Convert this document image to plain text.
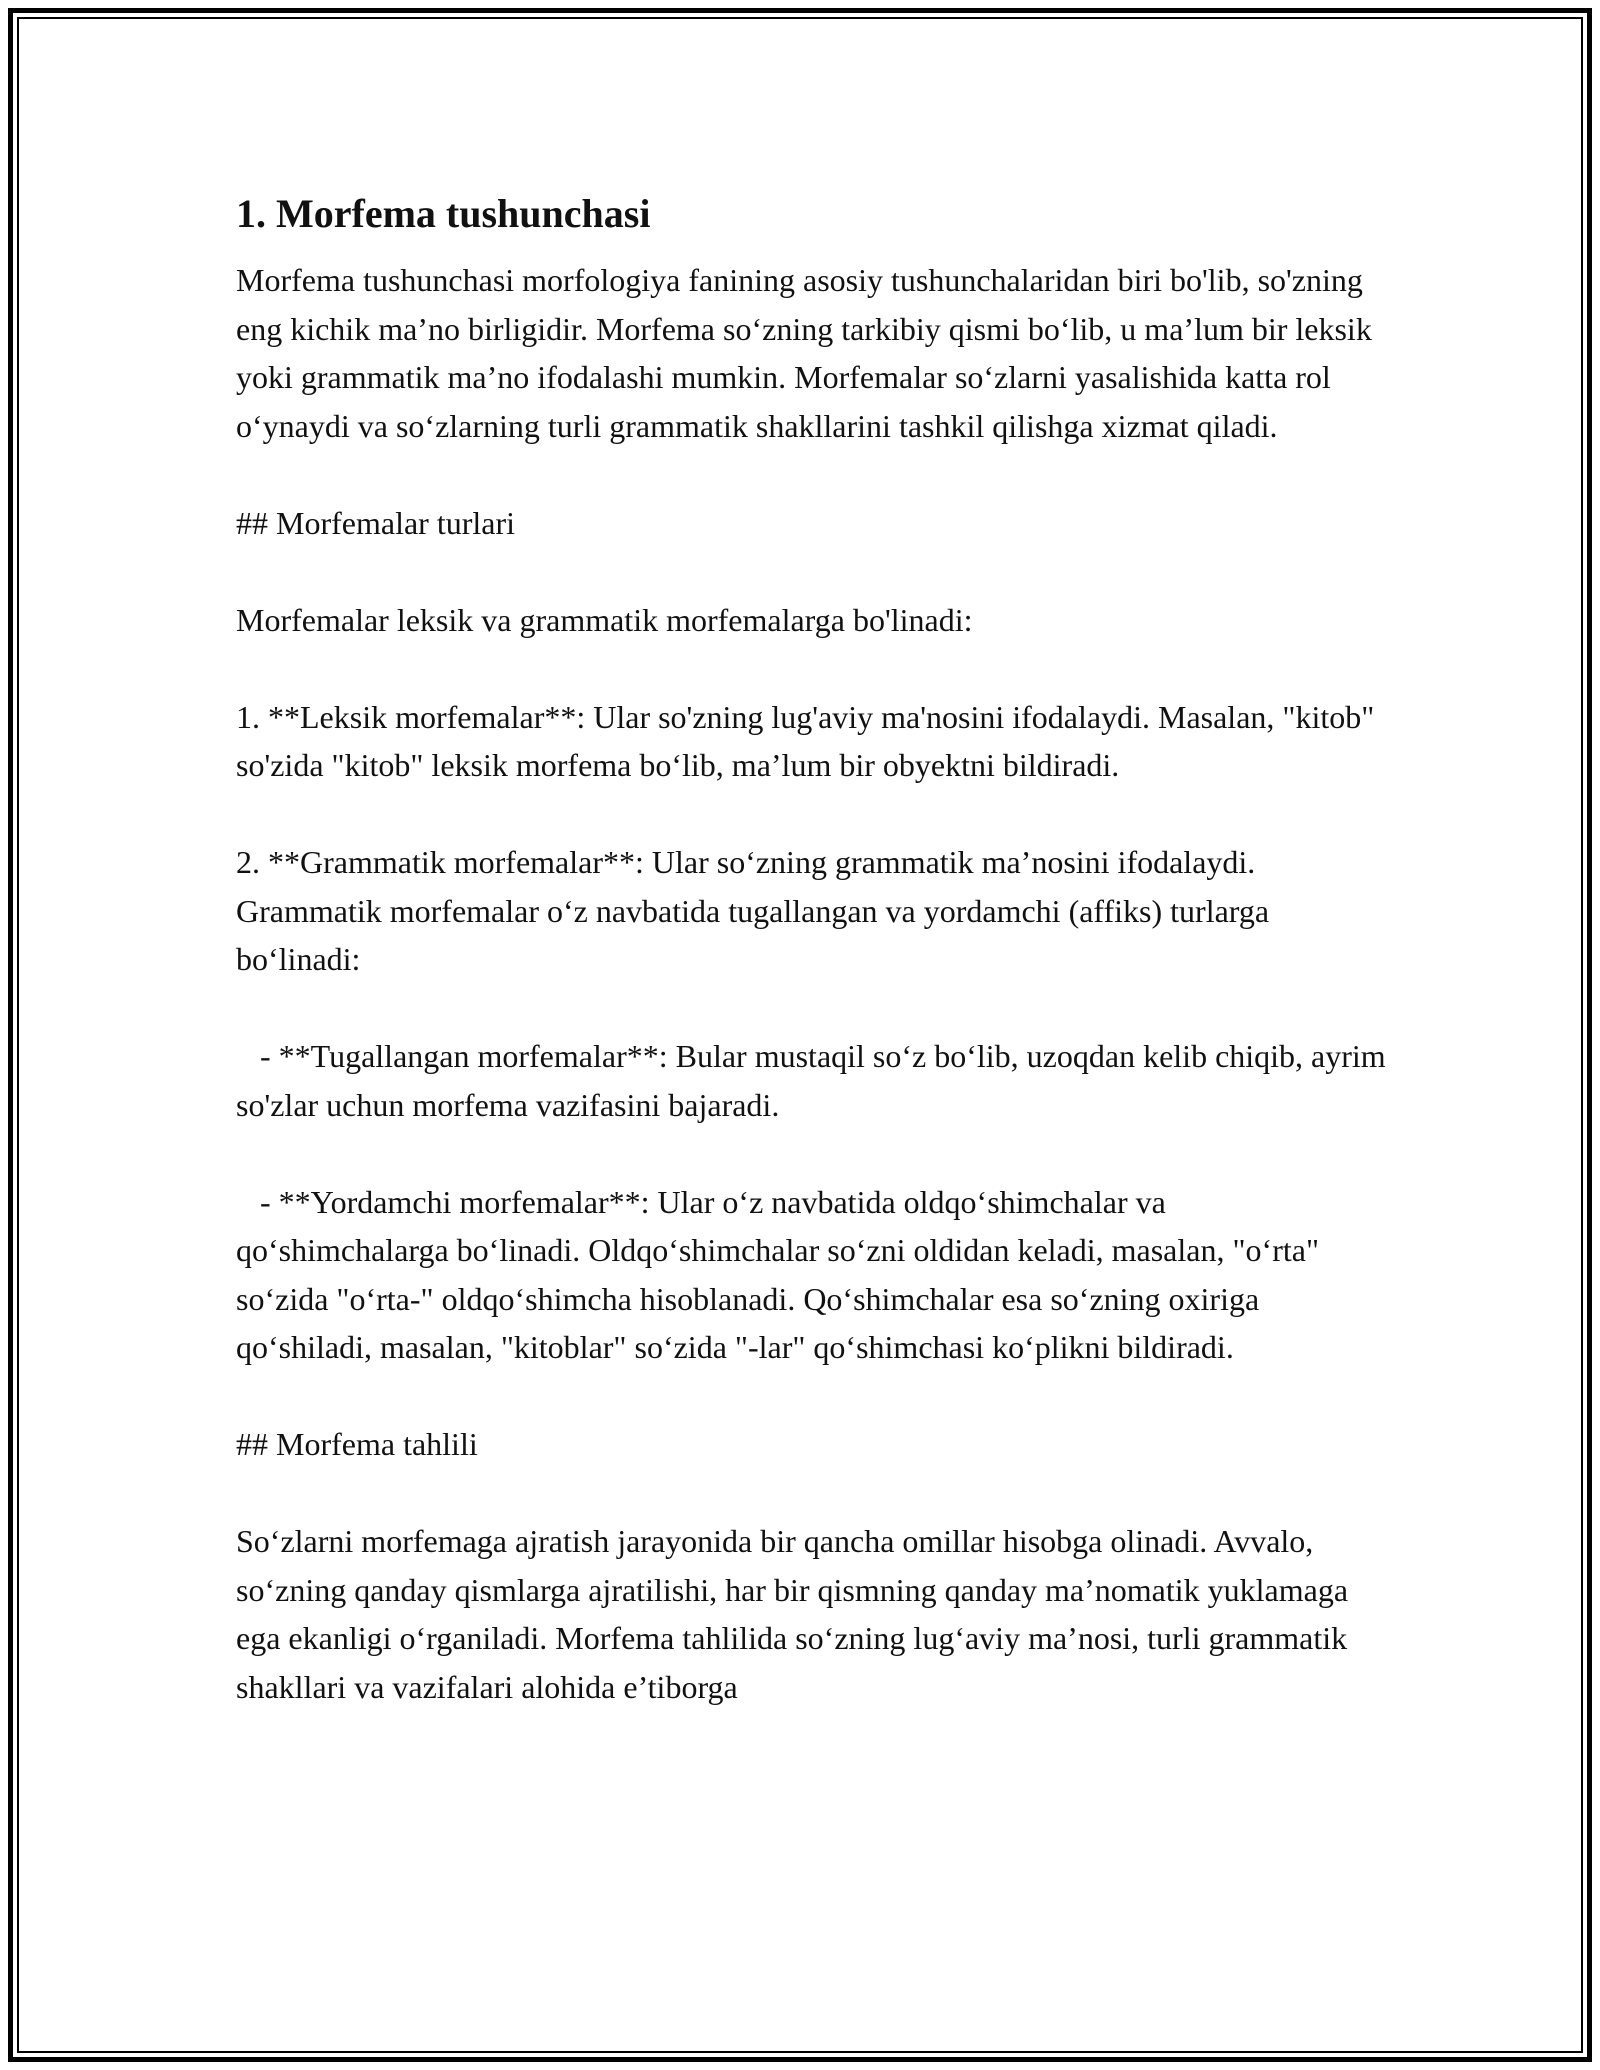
1. Morfema tushunchasi
Morfema tushunchasi morfologiya fanining asosiy tushunchalaridan biri bo'lib, so'zning eng kichik ma’no birligidir. Morfema so‘zning tarkibiy qismi bo‘lib, u ma’lum bir leksik yoki grammatik ma’no ifodalashi mumkin. Morfemalar so‘zlarni yasalishida katta rol o‘ynaydi va so‘zlarning turli grammatik shakllarini tashkil qilishga xizmat qiladi.
## Morfemalar turlari
Morfemalar leksik va grammatik morfemalarga bo'linadi:
1. **Leksik morfemalar**: Ular so'zning lug'aviy ma'nosini ifodalaydi. Masalan, "kitob" so'zida "kitob" leksik morfema bo‘lib, ma’lum bir obyektni bildiradi.
2. **Grammatik morfemalar**: Ular so‘zning grammatik ma’nosini ifodalaydi. Grammatik morfemalar o‘z navbatida tugallangan va yordamchi (affiks) turlarga bo‘linadi:
- **Tugallangan morfemalar**: Bular mustaqil so‘z bo‘lib, uzoqdan kelib chiqib, ayrim so'zlar uchun morfema vazifasini bajaradi.
- **Yordamchi morfemalar**: Ular o‘z navbatida oldqo‘shimchalar va qo‘shimchalarga bo‘linadi. Oldqo‘shimchalar so‘zni oldidan keladi, masalan, "o‘rta" so‘zida "o‘rta-" oldqo‘shimcha hisoblanadi. Qo‘shimchalar esa so‘zning oxiriga qo‘shiladi, masalan, "kitoblar" so‘zida "-lar" qo‘shimchasi ko‘plikni bildiradi.
## Morfema tahlili
So‘zlarni morfemaga ajratish jarayonida bir qancha omillar hisobga olinadi. Avvalo, so‘zning qanday qismlarga ajratilishi, har bir qismning qanday ma’nomatik yuklamaga ega ekanligi o‘rganiladi. Morfema tahlilida so‘zning lug‘aviy ma’nosi, turli grammatik shakllari va vazifalari alohida e’tiborga
